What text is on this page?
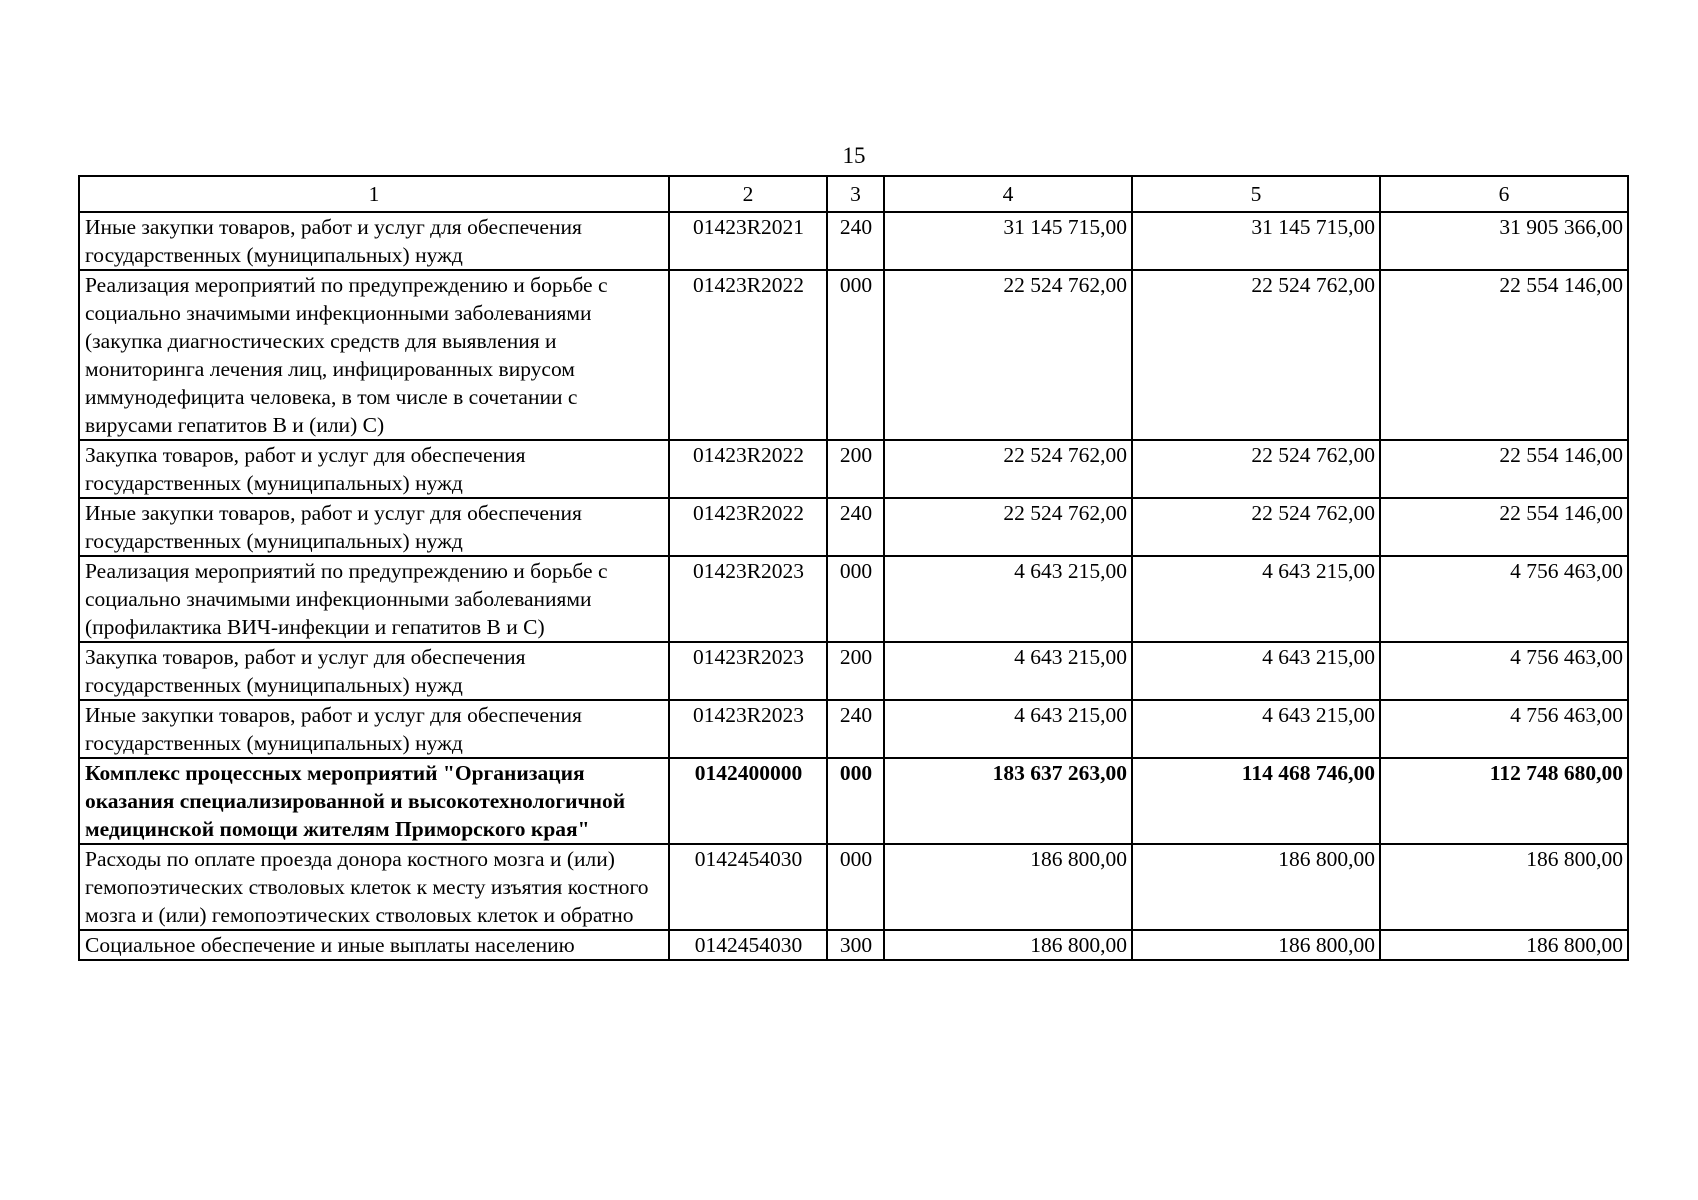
15
1	2	3	4	5	6
Иные закупки товаров, работ и услуг для обеспечения государственных (муниципальных) нужд	01423R2021	240	31 145 715,00	31 145 715,00	31 905 366,00
Реализация мероприятий по предупреждению и борьбе с социально значимыми инфекционными заболеваниями (закупка диагностических средств для выявления и мониторинга лечения лиц, инфицированных вирусом иммунодефицита человека, в том числе в сочетании с вирусами гепатитов В и (или) С)	01423R2022	000	22 524 762,00	22 524 762,00	22 554 146,00
Закупка товаров, работ и услуг для обеспечения государственных (муниципальных) нужд	01423R2022	200	22 524 762,00	22 524 762,00	22 554 146,00
Иные закупки товаров, работ и услуг для обеспечения государственных (муниципальных) нужд	01423R2022	240	22 524 762,00	22 524 762,00	22 554 146,00
Реализация мероприятий по предупреждению и борьбе с социально значимыми инфекционными заболеваниями (профилактика ВИЧ-инфекции и гепатитов В и С)	01423R2023	000	4 643 215,00	4 643 215,00	4 756 463,00
Закупка товаров, работ и услуг для обеспечения государственных (муниципальных) нужд	01423R2023	200	4 643 215,00	4 643 215,00	4 756 463,00
Иные закупки товаров, работ и услуг для обеспечения государственных (муниципальных) нужд	01423R2023	240	4 643 215,00	4 643 215,00	4 756 463,00
Комплекс процессных мероприятий "Организация оказания специализированной и высокотехнологичной медицинской помощи жителям Приморского края"	0142400000	000	183 637 263,00	114 468 746,00	112 748 680,00
Расходы по оплате проезда донора костного мозга и (или) гемопоэтических стволовых клеток к месту изъятия костного мозга и (или) гемопоэтических стволовых клеток и обратно	0142454030	000	186 800,00	186 800,00	186 800,00
Социальное обеспечение и иные выплаты населению	0142454030	300	186 800,00	186 800,00	186 800,00
